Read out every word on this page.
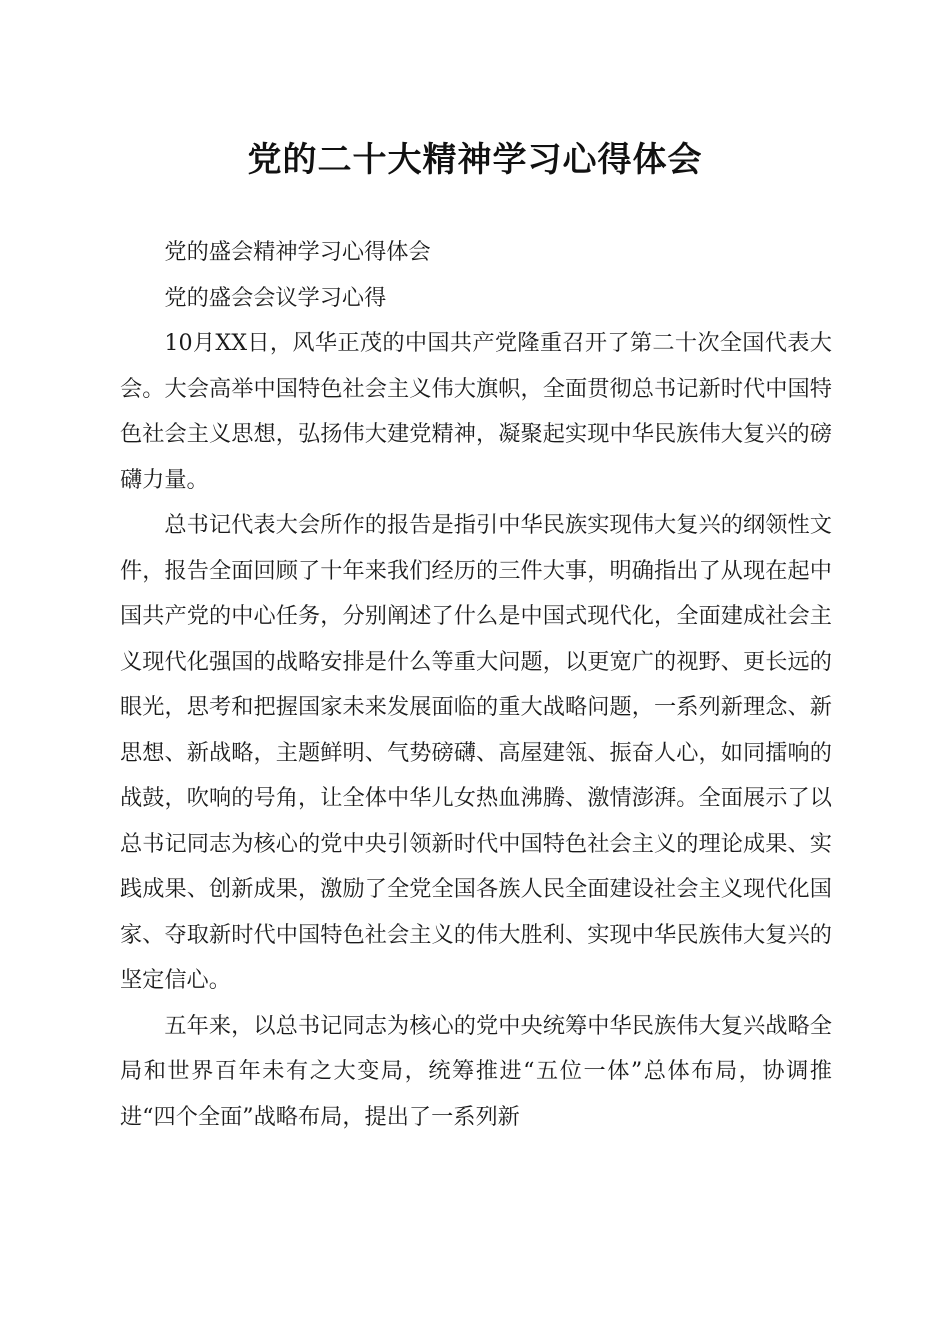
党的二十大精神学习心得体会

党的盛会精神学习心得体会

党的盛会会议学习心得

10月XX日，风华正茂的中国共产党隆重召开了第二十次全国代表大会。大会高举中国特色社会主义伟大旗帜，全面贯彻总书记新时代中国特色社会主义思想，弘扬伟大建党精神，凝聚起实现中华民族伟大复兴的磅礴力量。

总书记代表大会所作的报告是指引中华民族实现伟大复兴的纲领性文件，报告全面回顾了十年来我们经历的三件大事，明确指出了从现在起中国共产党的中心任务，分别阐述了什么是中国式现代化，全面建成社会主义现代化强国的战略安排是什么等重大问题，以更宽广的视野、更长远的眼光，思考和把握国家未来发展面临的重大战略问题，一系列新理念、新思想、新战略，主题鲜明、气势磅礴、高屋建瓴、振奋人心，如同擂响的战鼓，吹响的号角，让全体中华儿女热血沸腾、激情澎湃。全面展示了以总书记同志为核心的党中央引领新时代中国特色社会主义的理论成果、实践成果、创新成果，激励了全党全国各族人民全面建设社会主义现代化国家、夺取新时代中国特色社会主义的伟大胜利、实现中华民族伟大复兴的坚定信心。

五年来，以总书记同志为核心的党中央统筹中华民族伟大复兴战略全局和世界百年未有之大变局，统筹推进“五位一体”总体布局，协调推进“四个全面”战略布局，提出了一系列新
